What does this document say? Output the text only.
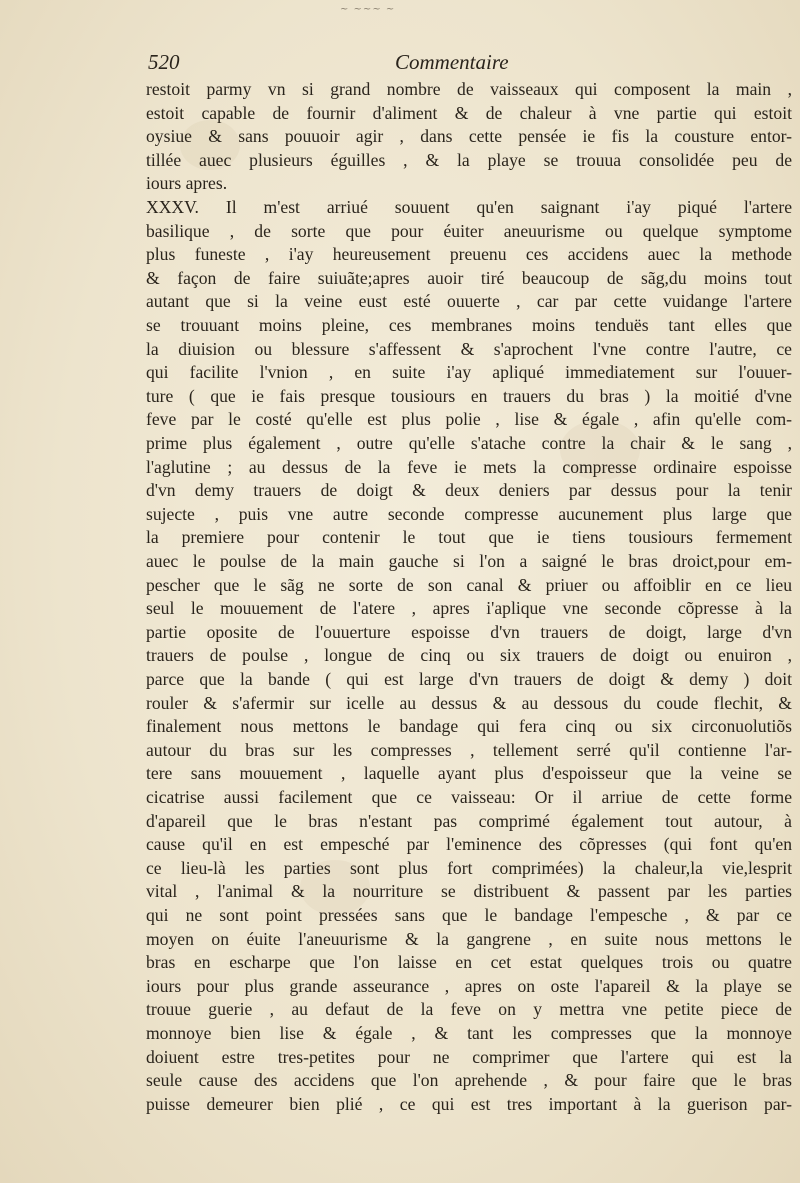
~ ~~~ ~
520	Commentaire
restoit parmy vn si grand nombre de vaisseaux qui composent la main ,
estoit capable de fournir d'aliment & de chaleur à vne partie qui estoit
oysiue & sans pouuoir agir , dans cette pensée ie fis la cousture entor-
tillée auec plusieurs éguilles , & la playe se trouua consolidée peu de
iours apres.
XXXV. Il m'est arriué souuent qu'en saignant i'ay piqué l'artere
basilique , de sorte que pour éuiter aneuurisme ou quelque symptome
plus funeste , i'ay heureusement preuenu ces accidens auec la methode
& façon de faire suiuãte;apres auoir tiré beaucoup de sãg,du moins tout
autant que si la veine eust esté ouuerte , car par cette vuidange l'artere
se trouuant moins pleine, ces membranes moins tenduës tant elles que
la diuision ou blessure s'affessent & s'aprochent l'vne contre l'autre, ce
qui facilite l'vnion , en suite i'ay apliqué immediatement sur l'ouuer-
ture ( que ie fais presque tousiours en trauers du bras ) la moitié d'vne
feve par le costé qu'elle est plus polie , lise & égale , afin qu'elle com-
prime plus également , outre qu'elle s'atache contre la chair & le sang ,
l'aglutine ; au dessus de la feve ie mets la compresse ordinaire espoisse
d'vn demy trauers de doigt & deux deniers par dessus pour la tenir
sujecte , puis vne autre seconde compresse aucunement plus large que
la premiere pour contenir le tout que ie tiens tousiours fermement
auec le poulse de la main gauche si l'on a saigné le bras droict,pour em-
pescher que le sãg ne sorte de son canal & priuer ou affoiblir en ce lieu
seul le mouuement de l'atere , apres i'aplique vne seconde cõpresse à la
partie oposite de l'ouuerture espoisse d'vn trauers de doigt, large d'vn
trauers de poulse , longue de cinq ou six trauers de doigt ou enuiron ,
parce que la bande ( qui est large d'vn trauers de doigt & demy ) doit
rouler & s'afermir sur icelle au dessus & au dessous du coude flechit, &
finalement nous mettons le bandage qui fera cinq ou six circonuolutiõs
autour du bras sur les compresses , tellement serré qu'il contienne l'ar-
tere sans mouuement , laquelle ayant plus d'espoisseur que la veine se
cicatrise aussi facilement que ce vaisseau: Or il arriue de cette forme
d'apareil que le bras n'estant pas comprimé également tout autour, à
cause qu'il en est empesché par l'eminence des cõpresses (qui font qu'en
ce lieu-là les parties sont plus fort comprimées) la chaleur,la vie,lesprit
vital , l'animal & la nourriture se distribuent & passent par les parties
qui ne sont point pressées sans que le bandage l'empesche , & par ce
moyen on éuite l'aneuurisme & la gangrene , en suite nous mettons le
bras en escharpe que l'on laisse en cet estat quelques trois ou quatre
iours pour plus grande asseurance , apres on oste l'apareil & la playe se
trouue guerie , au defaut de la feve on y mettra vne petite piece de
monnoye bien lise & égale , & tant les compresses que la monnoye
doiuent estre tres-petites pour ne comprimer que l'artere qui est la
seule cause des accidens que l'on aprehende , & pour faire que le bras
puisse demeurer bien plié , ce qui est tres important à la guerison par-
